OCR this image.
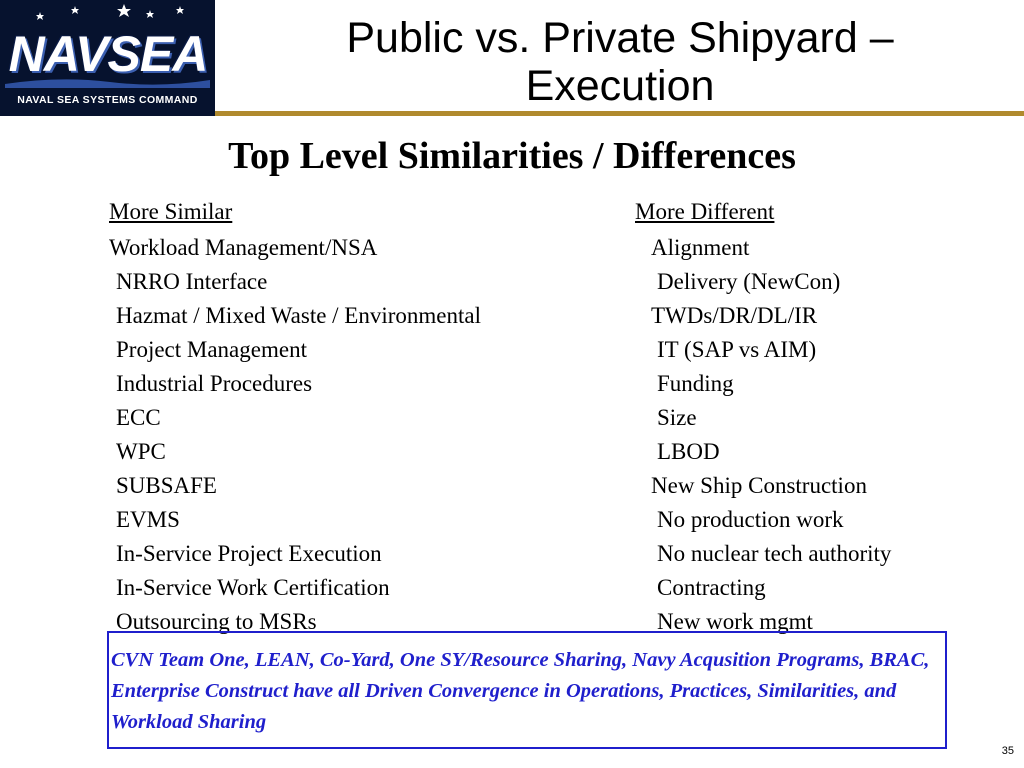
NAVSEA
NAVAL SEA SYSTEMS COMMAND
Public vs. Private Shipyard – Execution
Top Level Similarities / Differences
More Similar	More Different
Workload Management/NSA
NRRO Interface
Hazmat / Mixed Waste / Environmental
Project Management
Industrial Procedures
ECC
WPC
SUBSAFE
EVMS
In-Service Project Execution
In-Service Work Certification
Outsourcing to MSRs
Alignment
Delivery (NewCon)
TWDs/DR/DL/IR
IT (SAP vs AIM)
Funding
Size
LBOD
New Ship Construction
No production work
No nuclear tech authority
Contracting
New work mgmt
CVN Team One, LEAN, Co-Yard, One SY/Resource Sharing, Navy Acqusition Programs, BRAC, Enterprise Construct have all Driven Convergence in Operations, Practices, Similarities, and Workload Sharing
35
